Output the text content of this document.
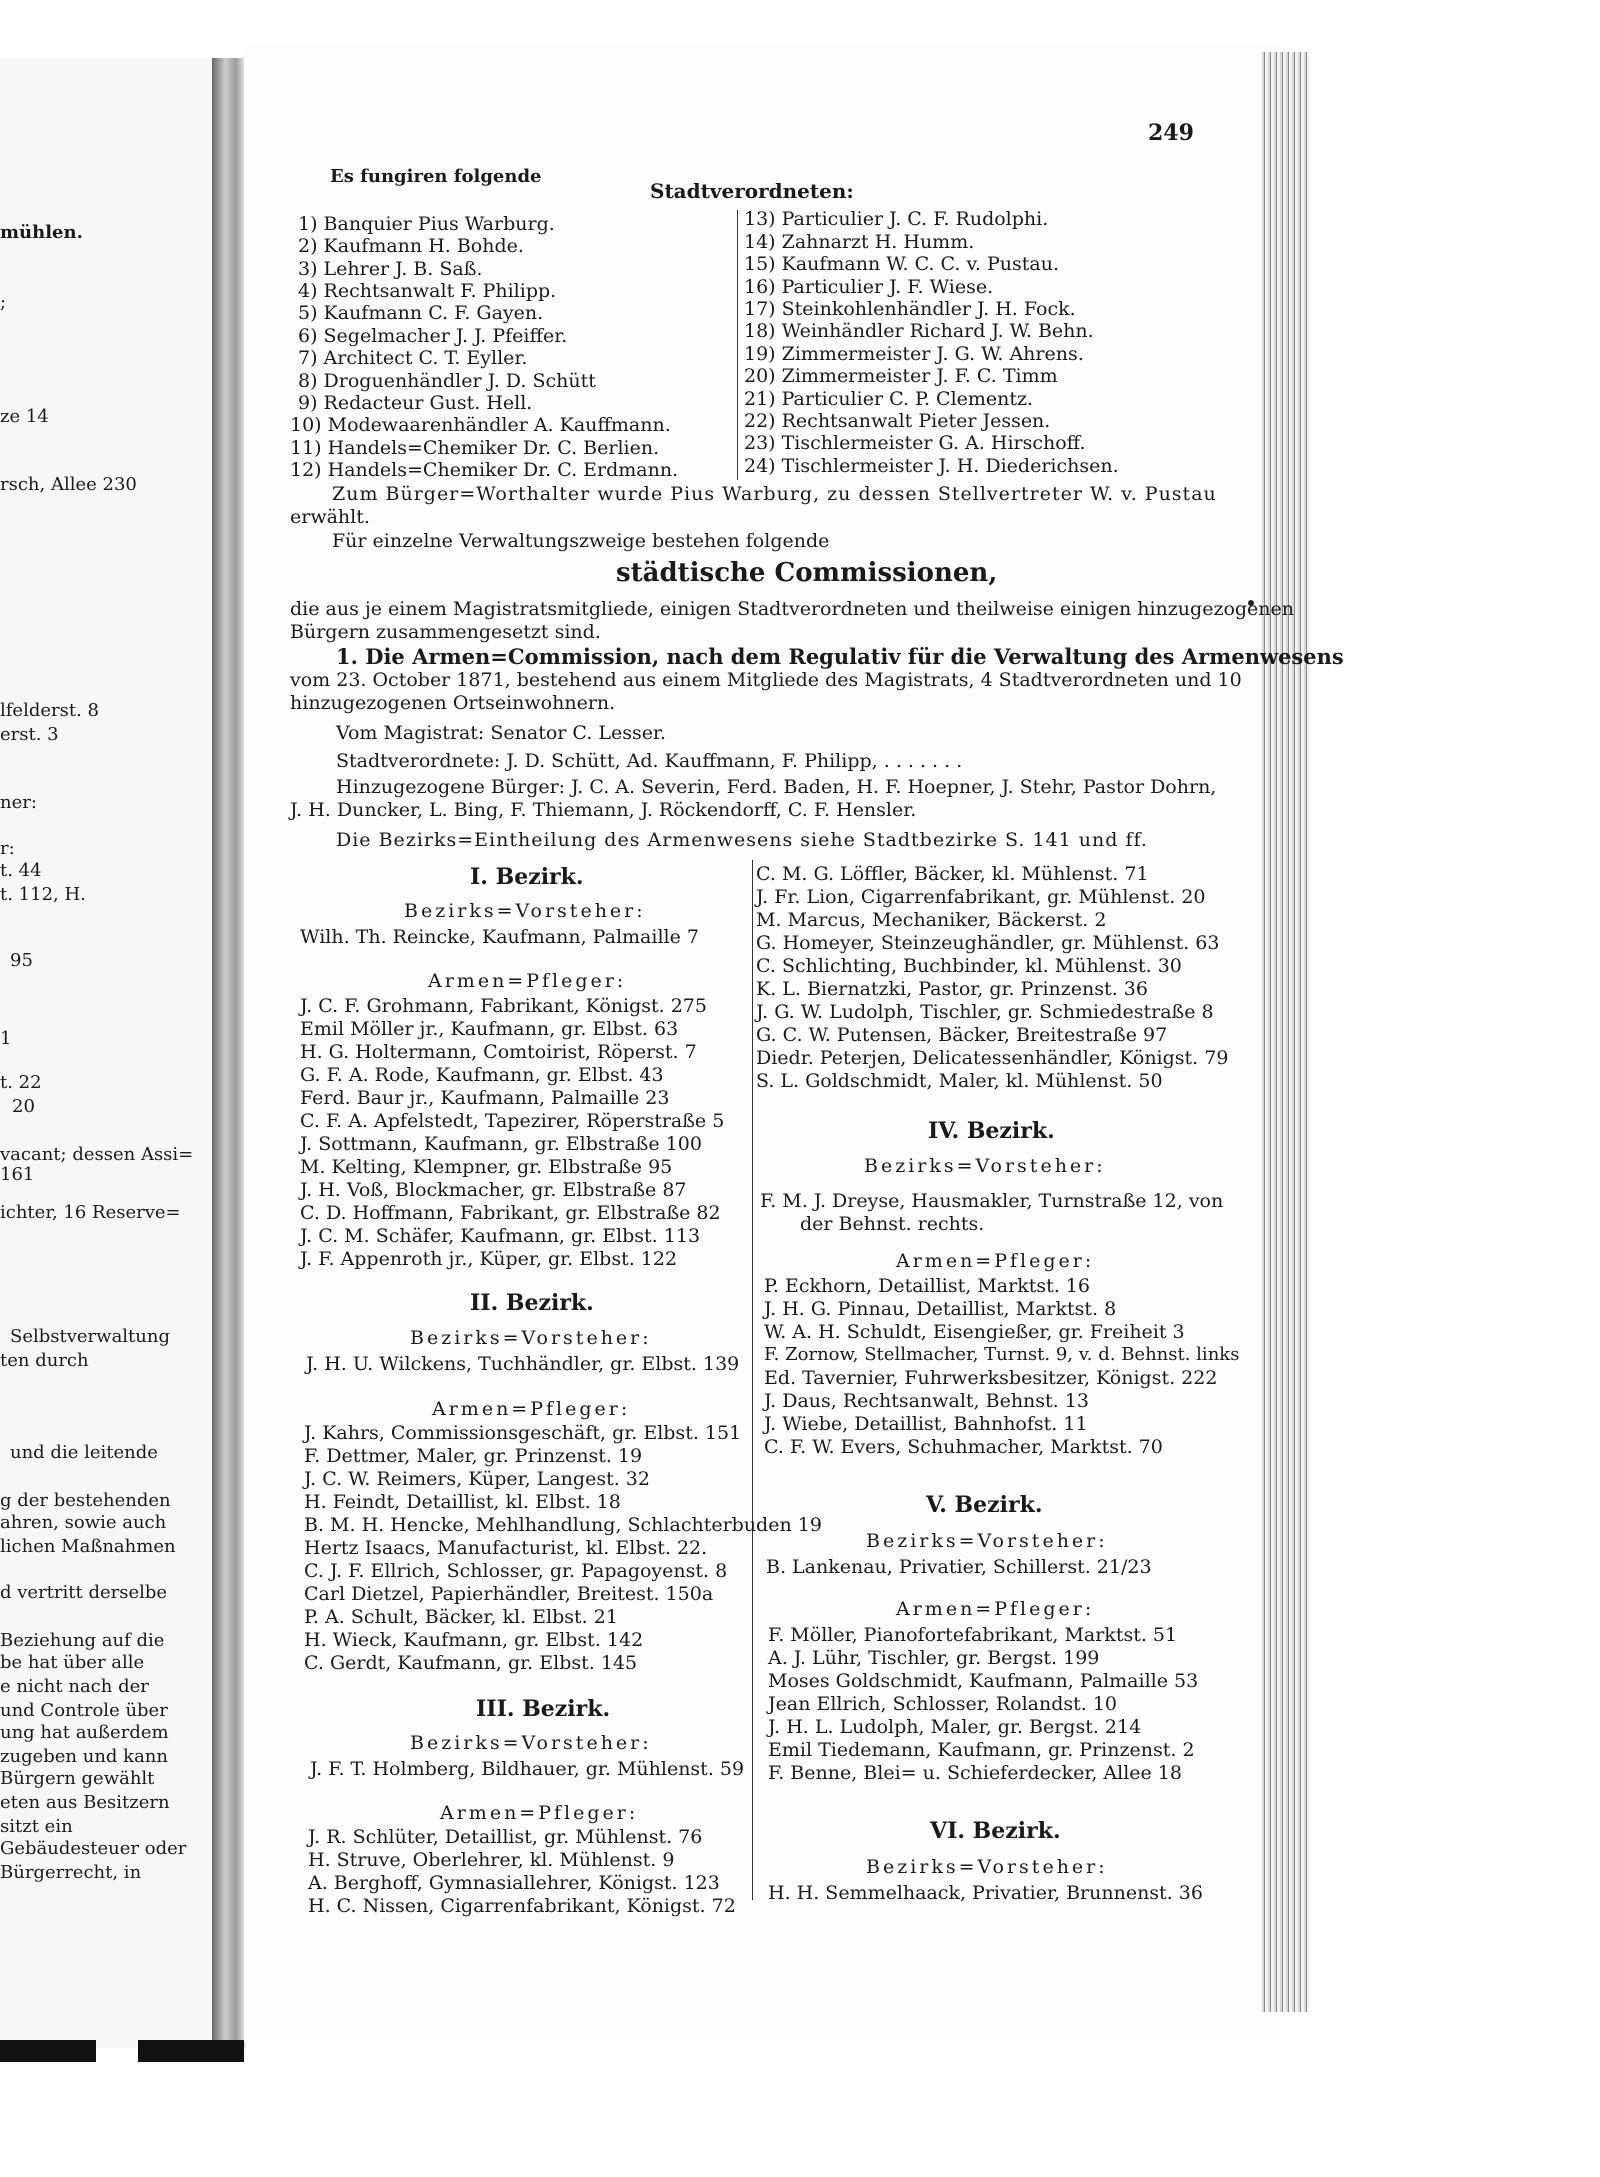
mühlen.
;
ze 14
rsch, Allee 230
lfelderst. 8
erst. 3
ner:
r:
t. 44
t. 112, H.
95
1
t. 22
20
vacant; dessen Assi=
161
ichter, 16 Reserve=
Selbstverwaltung
ten durch
und die leitende
g der bestehenden
ahren, sowie auch
lichen Maßnahmen
d vertritt derselbe
Beziehung auf die
be hat über alle
e nicht nach der
und Controle über
ung hat außerdem
zugeben und kann
Bürgern gewählt
eten aus Besitzern
sitzt ein
Gebäudesteuer oder
Bürgerrecht, in
249
Es fungiren folgende
Stadtverordneten:
1) Banquier Pius Warburg.
2) Kaufmann H. Bohde.
3) Lehrer J. B. Saß.
4) Rechtsanwalt F. Philipp.
5) Kaufmann C. F. Gayen.
6) Segelmacher J. J. Pfeiffer.
7) Architect C. T. Eyller.
8) Droguenhändler J. D. Schütt
9) Redacteur Gust. Hell.
10) Modewaarenhändler A. Kauffmann.
11) Handels=Chemiker Dr. C. Berlien.
12) Handels=Chemiker Dr. C. Erdmann.
13) Particulier J. C. F. Rudolphi.
14) Zahnarzt H. Humm.
15) Kaufmann W. C. C. v. Pustau.
16) Particulier J. F. Wiese.
17) Steinkohlenhändler J. H. Fock.
18) Weinhändler Richard J. W. Behn.
19) Zimmermeister J. G. W. Ahrens.
20) Zimmermeister J. F. C. Timm
21) Particulier C. P. Clementz.
22) Rechtsanwalt Pieter Jessen.
23) Tischlermeister G. A. Hirschoff.
24) Tischlermeister J. H. Diederichsen.
Zum Bürger=Worthalter wurde Pius Warburg, zu dessen Stellvertreter W. v. Pustau
erwählt.
Für einzelne Verwaltungszweige bestehen folgende
städtische Commissionen,
die aus je einem Magistratsmitgliede, einigen Stadtverordneten und theilweise einigen hinzugezogenen
Bürgern zusammengesetzt sind.
1. Die Armen=Commission, nach dem Regulativ für die Verwaltung des Armenwesens
vom 23. October 1871, bestehend aus einem Mitgliede des Magistrats, 4 Stadtverordneten und 10
hinzugezogenen Ortseinwohnern.
Vom Magistrat: Senator C. Lesser.
Stadtverordnete: J. D. Schütt, Ad. Kauffmann, F. Philipp, . . . . . . .
Hinzugezogene Bürger: J. C. A. Severin, Ferd. Baden, H. F. Hoepner, J. Stehr, Pastor Dohrn,
J. H. Duncker, L. Bing, F. Thiemann, J. Röckendorff, C. F. Hensler.
Die Bezirks=Eintheilung des Armenwesens siehe Stadtbezirke S. 141 und ff.
I. Bezirk.
Bezirks=Vorsteher:
Wilh. Th. Reincke, Kaufmann, Palmaille 7
Armen=Pfleger:
J. C. F. Grohmann, Fabrikant, Königst. 275
Emil Möller jr., Kaufmann, gr. Elbst. 63
H. G. Holtermann, Comtoirist, Röperst. 7
G. F. A. Rode, Kaufmann, gr. Elbst. 43
Ferd. Baur jr., Kaufmann, Palmaille 23
C. F. A. Apfelstedt, Tapezirer, Röperstraße 5
J. Sottmann, Kaufmann, gr. Elbstraße 100
M. Kelting, Klempner, gr. Elbstraße 95
J. H. Voß, Blockmacher, gr. Elbstraße 87
C. D. Hoffmann, Fabrikant, gr. Elbstraße 82
J. C. M. Schäfer, Kaufmann, gr. Elbst. 113
J. F. Appenroth jr., Küper, gr. Elbst. 122
II. Bezirk.
Bezirks=Vorsteher:
J. H. U. Wilckens, Tuchhändler, gr. Elbst. 139
Armen=Pfleger:
J. Kahrs, Commissionsgeschäft, gr. Elbst. 151
F. Dettmer, Maler, gr. Prinzenst. 19
J. C. W. Reimers, Küper, Langest. 32
H. Feindt, Detaillist, kl. Elbst. 18
B. M. H. Hencke, Mehlhandlung, Schlachterbuden 19
Hertz Isaacs, Manufacturist, kl. Elbst. 22.
C. J. F. Ellrich, Schlosser, gr. Papagoyenst. 8
Carl Dietzel, Papierhändler, Breitest. 150a
P. A. Schult, Bäcker, kl. Elbst. 21
H. Wieck, Kaufmann, gr. Elbst. 142
C. Gerdt, Kaufmann, gr. Elbst. 145
III. Bezirk.
Bezirks=Vorsteher:
J. F. T. Holmberg, Bildhauer, gr. Mühlenst. 59
Armen=Pfleger:
J. R. Schlüter, Detaillist, gr. Mühlenst. 76
H. Struve, Oberlehrer, kl. Mühlenst. 9
A. Berghoff, Gymnasiallehrer, Königst. 123
H. C. Nissen, Cigarrenfabrikant, Königst. 72
C. M. G. Löffler, Bäcker, kl. Mühlenst. 71
J. Fr. Lion, Cigarrenfabrikant, gr. Mühlenst. 20
M. Marcus, Mechaniker, Bäckerst. 2
G. Homeyer, Steinzeughändler, gr. Mühlenst. 63
C. Schlichting, Buchbinder, kl. Mühlenst. 30
K. L. Biernatzki, Pastor, gr. Prinzenst. 36
J. G. W. Ludolph, Tischler, gr. Schmiedestraße 8
G. C. W. Putensen, Bäcker, Breitestraße 97
Diedr. Peterjen, Delicatessenhändler, Königst. 79
S. L. Goldschmidt, Maler, kl. Mühlenst. 50
IV. Bezirk.
Bezirks=Vorsteher:
F. M. J. Dreyse, Hausmakler, Turnstraße 12, von
der Behnst. rechts.
Armen=Pfleger:
P. Eckhorn, Detaillist, Marktst. 16
J. H. G. Pinnau, Detaillist, Marktst. 8
W. A. H. Schuldt, Eisengießer, gr. Freiheit 3
F. Zornow, Stellmacher, Turnst. 9, v. d. Behnst. links
Ed. Tavernier, Fuhrwerksbesitzer, Königst. 222
J. Daus, Rechtsanwalt, Behnst. 13
J. Wiebe, Detaillist, Bahnhofst. 11
C. F. W. Evers, Schuhmacher, Marktst. 70
V. Bezirk.
Bezirks=Vorsteher:
B. Lankenau, Privatier, Schillerst. 21/23
Armen=Pfleger:
F. Möller, Pianofortefabrikant, Marktst. 51
A. J. Lühr, Tischler, gr. Bergst. 199
Moses Goldschmidt, Kaufmann, Palmaille 53
Jean Ellrich, Schlosser, Rolandst. 10
J. H. L. Ludolph, Maler, gr. Bergst. 214
Emil Tiedemann, Kaufmann, gr. Prinzenst. 2
F. Benne, Blei= u. Schieferdecker, Allee 18
VI. Bezirk.
Bezirks=Vorsteher:
H. H. Semmelhaack, Privatier, Brunnenst. 36
